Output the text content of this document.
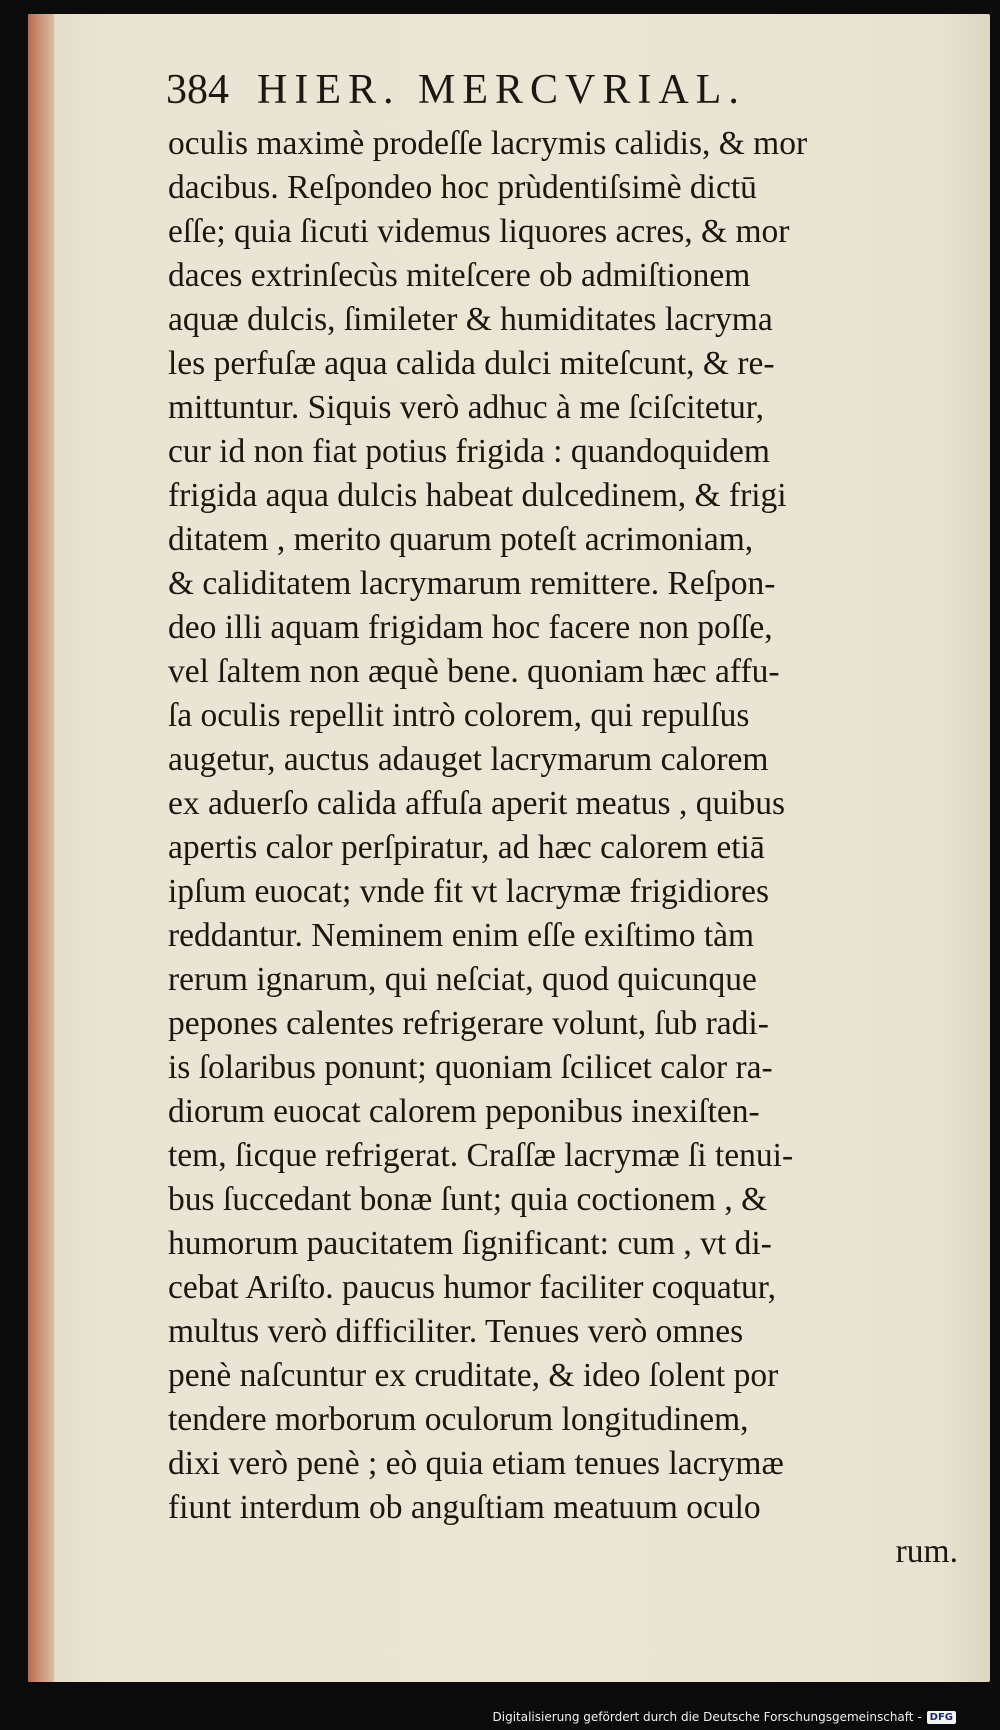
384 HIER. MERCVRIAL.
oculis maximè prodeſſe lacrymis calidis, & mor
dacibus. Reſpondeo hoc prùdentiſsimè dictū
eſſe; quia ſicuti videmus liquores acres, & mor
daces extrinſecùs miteſcere ob admiſtionem
aquæ dulcis, ſimileter & humiditates lacryma
les perfuſæ aqua calida dulci miteſcunt, & re-
mittuntur. Siquis verò adhuc à me ſciſcitetur,
cur id non fiat potius frigida : quandoquidem
frigida aqua dulcis habeat dulcedinem, & frigi
ditatem , merito quarum poteſt acrimoniam,
& caliditatem lacrymarum remittere. Reſpon-
deo illi aquam frigidam hoc facere non poſſe,
vel ſaltem non æquè bene. quoniam hæc affu-
ſa oculis repellit intrò colorem, qui repulſus
augetur, auctus adauget lacrymarum calorem
ex aduerſo calida affuſa aperit meatus , quibus
apertis calor perſpiratur, ad hæc calorem etiā
ipſum euocat; vnde fit vt lacrymæ frigidiores
reddantur. Neminem enim eſſe exiſtimo tàm
rerum ignarum, qui neſciat, quod quicunque
pepones calentes refrigerare volunt, ſub radi-
is ſolaribus ponunt; quoniam ſcilicet calor ra-
diorum euocat calorem peponibus inexiſten-
tem, ſicque refrigerat. Craſſæ lacrymæ ſi tenui-
bus ſuccedant bonæ ſunt; quia coctionem , &
humorum paucitatem ſignificant: cum , vt di-
cebat Ariſto. paucus humor faciliter coquatur,
multus verò difficiliter. Tenues verò omnes
penè naſcuntur ex cruditate, & ideo ſolent por
tendere morborum oculorum longitudinem,
dixi verò penè ; eò quia etiam tenues lacrymæ
fiunt interdum ob anguſtiam meatuum oculo
rum.
Digitalisierung gefördert durch die Deutsche Forschungsgemeinschaft - DFG
